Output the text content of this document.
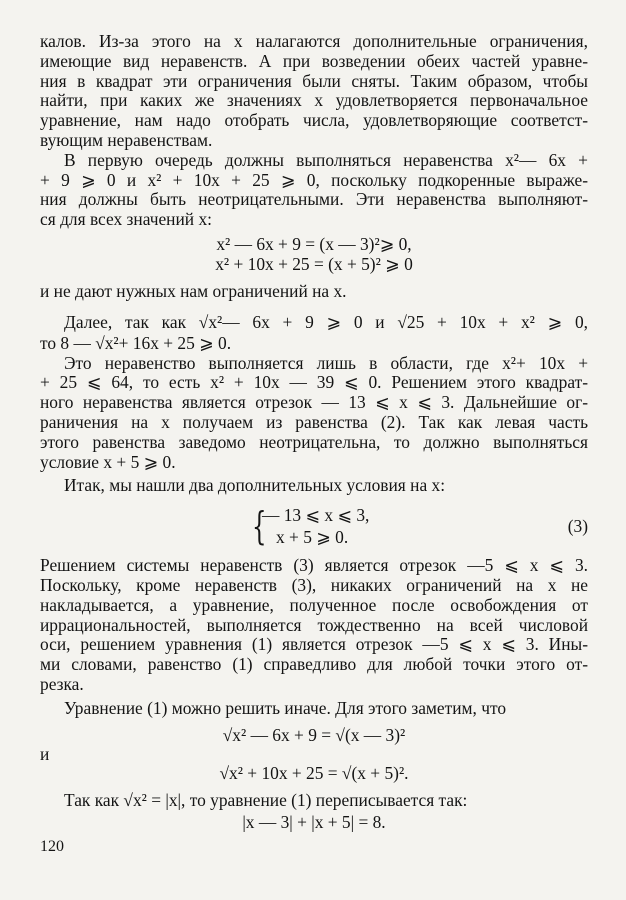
калов. Из-за этого на x налагаются дополнительные ограничения,
имеющие вид неравенств. А при возведении обеих частей уравне-
ния в квадрат эти ограничения были сняты. Таким образом, чтобы
найти, при каких же значениях x удовлетворяется первоначальное
уравнение, нам надо отобрать числа, удовлетворяющие соответст-
вующим неравенствам.
В первую очередь должны выполняться неравенства x²— 6x +
+ 9 ⩾ 0 и x² + 10x + 25 ⩾ 0, поскольку подкоренные выраже-
ния должны быть неотрицательными. Эти неравенства выполняют-
ся для всех значений x:
x² — 6x + 9 = (x — 3)²⩾ 0,
x² + 10x + 25 = (x + 5)² ⩾ 0
и не дают нужных нам ограничений на x.
Далее, так как √x²— 6x + 9 ⩾ 0 и √25 + 10x + x² ⩾ 0,
то 8 — √x²+ 16x + 25 ⩾ 0.
Это неравенство выполняется лишь в области, где x²+ 10x +
+ 25 ⩽ 64, то есть x² + 10x — 39 ⩽ 0. Решением этого квадрат-
ного неравенства является отрезок — 13 ⩽ x ⩽ 3. Дальнейшие ог-
раничения на x получаем из равенства (2). Так как левая часть
этого равенства заведомо неотрицательна, то должно выполняться
условие x + 5 ⩾ 0.
Итак, мы нашли два дополнительных условия на x:
{
— 13 ⩽ x ⩽ 3,
x + 5 ⩾ 0.
(3)
Решением системы неравенств (3) является отрезок —5 ⩽ x ⩽ 3.
Поскольку, кроме неравенств (3), никаких ограничений на x не
накладывается, а уравнение, полученное после освобождения от
иррациональностей, выполняется тождественно на всей числовой
оси, решением уравнения (1) является отрезок —5 ⩽ x ⩽ 3. Ины-
ми словами, равенство (1) справедливо для любой точки этого от-
резка.
Уравнение (1) можно решить иначе. Для этого заметим, что
√x² — 6x + 9 = √(x — 3)²
и
√x² + 10x + 25 = √(x + 5)².
Так как √x² = |x|, то уравнение (1) переписывается так:
|x — 3| + |x + 5| = 8.
120
